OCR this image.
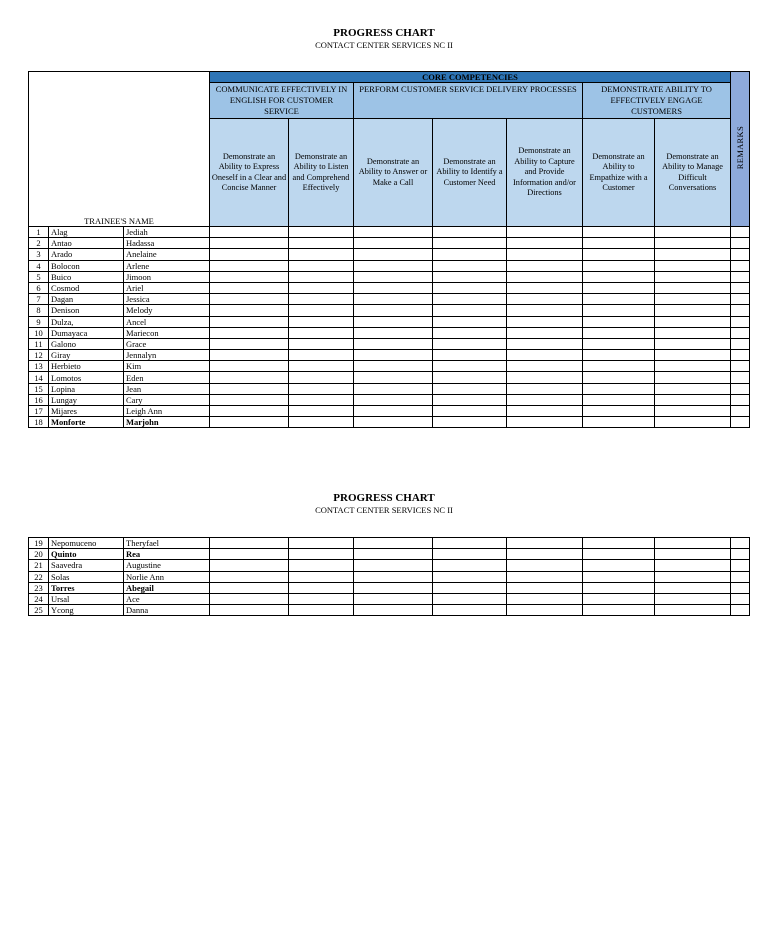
PROGRESS CHART
CONTACT CENTER SERVICES NC II
TRAINEE'S NAME			CORE COMPETENCIES							REMARKS
			COMMUNICATE EFFECTIVELY IN ENGLISH FOR CUSTOMER SERVICE		PERFORM CUSTOMER SERVICE DELIVERY PROCESSES			DEMONSTRATE ABILITY TO EFFECTIVELY ENGAGE CUSTOMERS		
			Demonstrate an Ability to Express Oneself in a Clear and Concise Manner	Demonstrate an Ability to Listen and Comprehend Effectively	Demonstrate an Ability to Answer or Make a Call	Demonstrate an Ability to Identify a Customer Need	Demonstrate an Ability to Capture and Provide Information and/or Directions	Demonstrate an Ability to Empathize with a Customer	Demonstrate an Ability to Manage Difficult Conversations	
1	Alag	Jediah								
2	Antao	Hadassa								
3	Arado	Anelaine								
4	Bolocon	Arlene								
5	Buico	Jimoon								
6	Cosmod	Ariel								
7	Dagan	Jessica								
8	Denison	Melody								
9	Dulza,	Ancel								
10	Dumayaca	Mariecon								
11	Galono	Grace								
12	Giray	Jennalyn								
13	Herbieto	Kim								
14	Lomotos	Eden								
15	Lopina	Jean								
16	Lungay	Cary								
17	Mijares	Leigh Ann								
18	Monforte	Marjohn								
PROGRESS CHART
CONTACT CENTER SERVICES NC II
19	Nepomuceno	Theryfael								
20	Quinto	Rea								
21	Saavedra	Augustine								
22	Solas	Norlie Ann								
23	Torres	Abegail								
24	Ursal	Ace								
25	Ycong	Danna								
